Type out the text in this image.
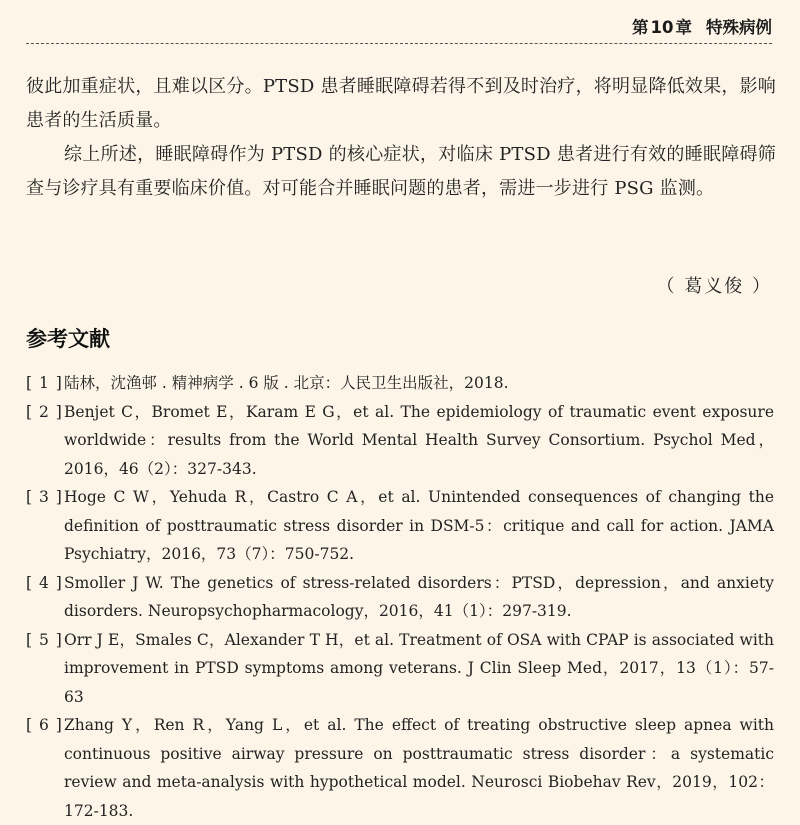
第 10 章 特殊病例

彼此加重症状，且难以区分。PTSD 患者睡眠障碍若得不到及时治疗，将明显降低效果，影响患者的生活质量。

综上所述，睡眠障碍作为 PTSD 的核心症状，对临床 PTSD 患者进行有效的睡眠障碍筛查与诊疗具有重要临床价值。对可能合并睡眠问题的患者，需进一步进行 PSG 监测。

（ 葛义俊 ）
参考文献
[ 1 ] 陆林，沈渔邨 . 精神病学 . 6 版 . 北京：人民卫生出版社，2018.
[ 2 ] Benjet C，Bromet E，Karam E G，et al. The epidemiology of traumatic event exposure worldwide：results from the World Mental Health Survey Consortium. Psychol Med，2016，46（2）：327-343.
[ 3 ] Hoge C W，Yehuda R，Castro C A，et al. Unintended consequences of changing the definition of posttraumatic stress disorder in DSM-5：critique and call for action. JAMA Psychiatry，2016，73（7）：750-752.
[ 4 ] Smoller J W. The genetics of stress-related disorders：PTSD，depression，and anxiety disorders. Neuropsychopharmacology，2016，41（1）：297-319.
[ 5 ] Orr J E，Smales C，Alexander T H，et al. Treatment of OSA with CPAP is associated with improvement in PTSD symptoms among veterans. J Clin Sleep Med，2017，13（1）：57-63
[ 6 ] Zhang Y，Ren R，Yang L，et al. The effect of treating obstructive sleep apnea with continuous positive airway pressure on posttraumatic stress disorder：a systematic review and meta-analysis with hypothetical model. Neurosci Biobehav Rev，2019，102：172-183.
